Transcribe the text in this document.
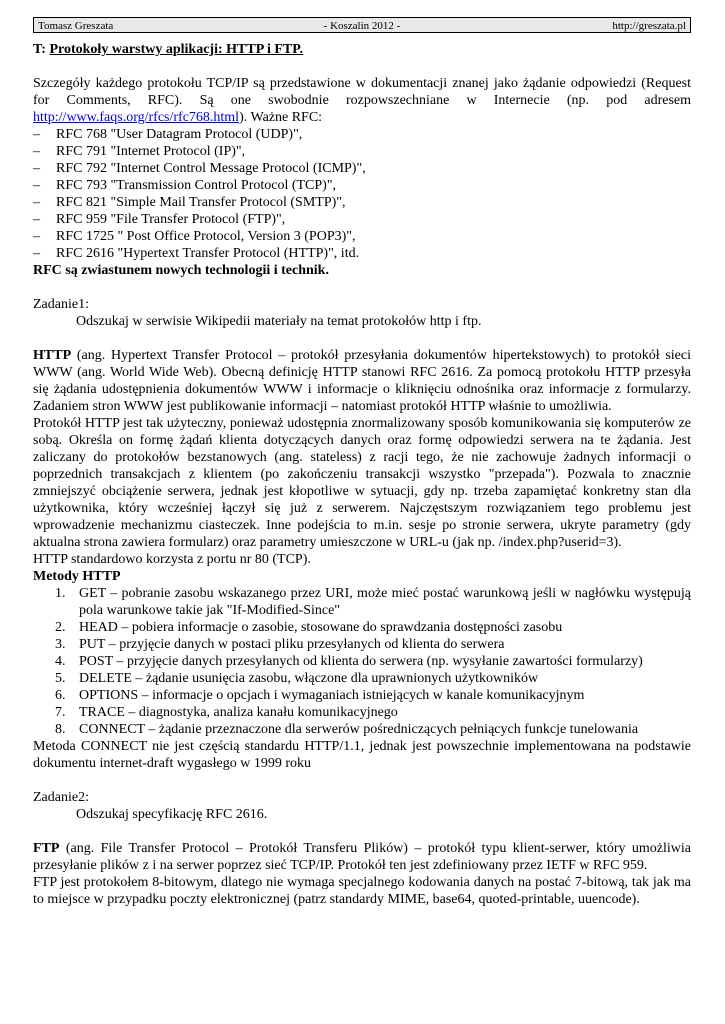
Tomasz Greszata	- Koszalin 2012 -	http://greszata.pl

T: Protokoły warstwy aplikacji: HTTP i FTP.

Szczegóły każdego protokołu TCP/IP są przedstawione w dokumentacji znanej jako żądanie odpowiedzi (Request for Comments, RFC). Są one swobodnie rozpowszechniane w Internecie (np. pod adresem http://www.faqs.org/rfcs/rfc768.html). Ważne RFC:

– RFC 768 "User Datagram Protocol (UDP)",
– RFC 791 "Internet Protocol (IP)",
– RFC 792 "Internet Control Message Protocol (ICMP)",
– RFC 793 "Transmission Control Protocol (TCP)",
– RFC 821 "Simple Mail Transfer Protocol (SMTP)",
– RFC 959 "File Transfer Protocol (FTP)",
– RFC 1725 " Post Office Protocol, Version 3 (POP3)",
– RFC 2616 "Hypertext Transfer Protocol (HTTP)", itd.

RFC są zwiastunem nowych technologii i technik.

Zadanie1:

Odszukaj w serwisie Wikipedii materiały na temat protokołów http i ftp.

HTTP (ang. Hypertext Transfer Protocol – protokół przesyłania dokumentów hipertekstowych) to protokół sieci WWW (ang. World Wide Web). Obecną definicję HTTP stanowi RFC 2616. Za pomocą protokołu HTTP przesyła się żądania udostępnienia dokumentów WWW i informacje o kliknięciu odnośnika oraz informacje z formularzy. Zadaniem stron WWW jest publikowanie informacji – natomiast protokół HTTP właśnie to umożliwia.

Protokół HTTP jest tak użyteczny, ponieważ udostępnia znormalizowany sposób komunikowania się komputerów ze sobą. Określa on formę żądań klienta dotyczących danych oraz formę odpowiedzi serwera na te żądania. Jest zaliczany do protokołów bezstanowych (ang. stateless) z racji tego, że nie zachowuje żadnych informacji o poprzednich transakcjach z klientem (po zakończeniu transakcji wszystko "przepada"). Pozwala to znacznie zmniejszyć obciążenie serwera, jednak jest kłopotliwe w sytuacji, gdy np. trzeba zapamiętać konkretny stan dla użytkownika, który wcześniej łączył się już z serwerem. Najczęstszym rozwiązaniem tego problemu jest wprowadzenie mechanizmu ciasteczek. Inne podejścia to m.in. sesje po stronie serwera, ukryte parametry (gdy aktualna strona zawiera formularz) oraz parametry umieszczone w URL-u (jak np. /index.php?userid=3).

HTTP standardowo korzysta z portu nr 80 (TCP).

Metody HTTP

1. GET – pobranie zasobu wskazanego przez URI, może mieć postać warunkową jeśli w nagłówku występują pola warunkowe takie jak "If-Modified-Since"
2. HEAD – pobiera informacje o zasobie, stosowane do sprawdzania dostępności zasobu
3. PUT – przyjęcie danych w postaci pliku przesyłanych od klienta do serwera
4. POST – przyjęcie danych przesyłanych od klienta do serwera (np. wysyłanie zawartości formularzy)
5. DELETE – żądanie usunięcia zasobu, włączone dla uprawnionych użytkowników
6. OPTIONS – informacje o opcjach i wymaganiach istniejących w kanale komunikacyjnym
7. TRACE – diagnostyka, analiza kanału komunikacyjnego
8. CONNECT – żądanie przeznaczone dla serwerów pośredniczących pełniących funkcje tunelowania

Metoda CONNECT nie jest częścią standardu HTTP/1.1, jednak jest powszechnie implementowana na podstawie dokumentu internet-draft wygasłego w 1999 roku

Zadanie2:

Odszukaj specyfikację RFC 2616.

FTP (ang. File Transfer Protocol – Protokół Transferu Plików) – protokół typu klient-serwer, który umożliwia przesyłanie plików z i na serwer poprzez sieć TCP/IP. Protokół ten jest zdefiniowany przez IETF w RFC 959.

FTP jest protokołem 8-bitowym, dlatego nie wymaga specjalnego kodowania danych na postać 7-bitową, tak jak ma to miejsce w przypadku poczty elektronicznej (patrz standardy MIME, base64, quoted-printable, uuencode).
